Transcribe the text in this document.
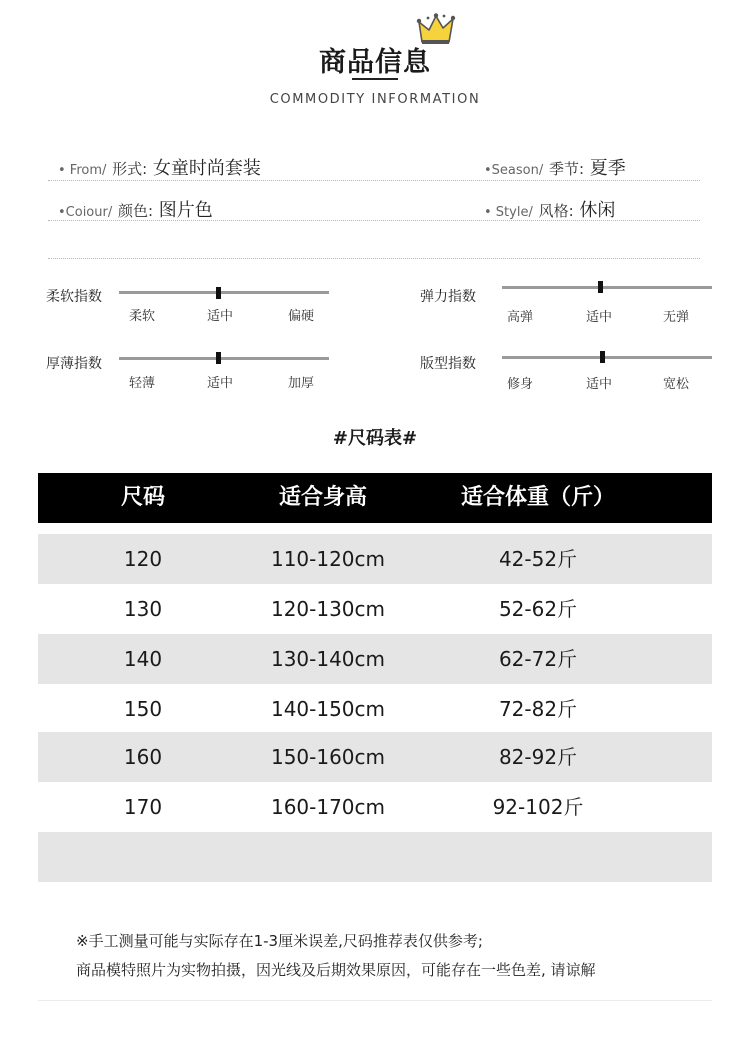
商品信息
COMMODITY INFORMATION
• From/ 形式: 女童时尚套装	•Season/ 季节: 夏季
•Coiour/ 颜色: 图片色	• Style/ 风格: 休闲
柔软指数
柔软	适中	偏硬
弹力指数
高弹	适中	无弹
厚薄指数
轻薄	适中	加厚
版型指数
修身	适中	宽松
#尺码表#
尺码	适合身高	适合体重（斤）
120	110-120cm	42-52斤
130	120-130cm	52-62斤
140	130-140cm	62-72斤
150	140-150cm	72-82斤
160	150-160cm	82-92斤
170	160-170cm	92-102斤
※手工测量可能与实际存在1-3厘米误差,尺码推荐表仅供参考;
商品模特照片为实物拍摄，因光线及后期效果原因，可能存在一些色差, 请谅解
